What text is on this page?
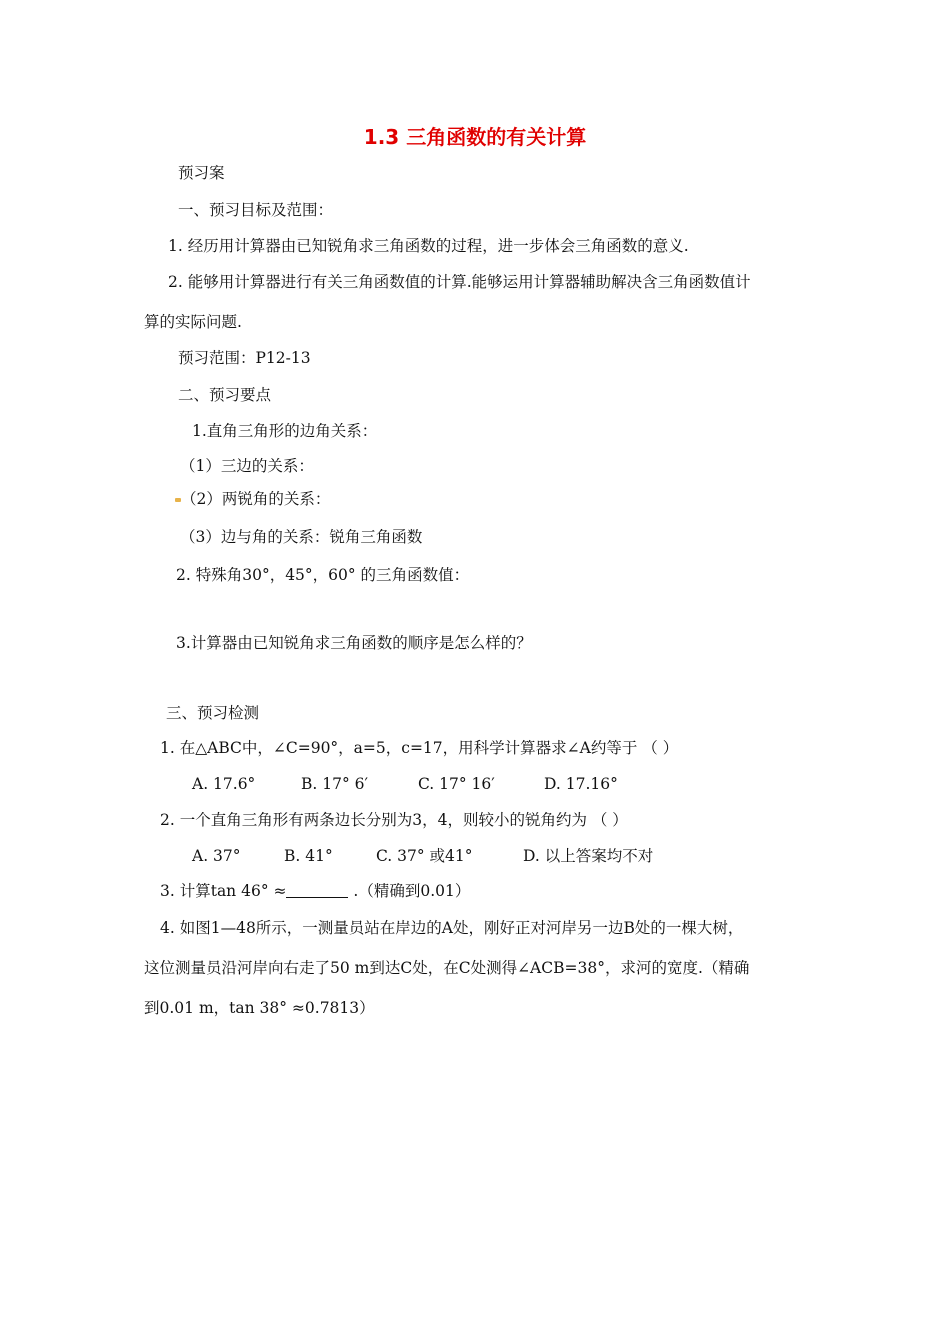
1.3 三角函数的有关计算
预习案
一、预习目标及范围：
1. 经历用计算器由已知锐角求三角函数的过程，进一步体会三角函数的意义.
2. 能够用计算器进行有关三角函数值的计算.能够运用计算器辅助解决含三角函数值计
算的实际问题.
预习范围：P12-13
二、预习要点
1.直角三角形的边角关系：
（1）三边的关系：
（2）两锐角的关系：
（3）边与角的关系：锐角三角函数
2. 特殊角30°，45°，60° 的三角函数值：
3.计算器由已知锐角求三角函数的顺序是怎么样的？
三、预习检测
1. 在△ABC中，∠C=90°，a=5，c=17，用科学计算器求∠A约等于 （ ）
A. 17.6°	B. 17° 6′	C. 17° 16′	D. 17.16°
2. 一个直角三角形有两条边长分别为3，4，则较小的锐角约为 （ ）
A. 37°	B. 41°	C. 37° 或41°	D. 以上答案均不对
3. 计算tan 46° ≈	.（精确到0.01）
4. 如图1—48所示，一测量员站在岸边的A处，刚好正对河岸另一边B处的一棵大树，
这位测量员沿河岸向右走了50 m到达C处，在C处测得∠ACB=38°，求河的宽度.（精确
到0.01 m，tan 38° ≈0.7813）
